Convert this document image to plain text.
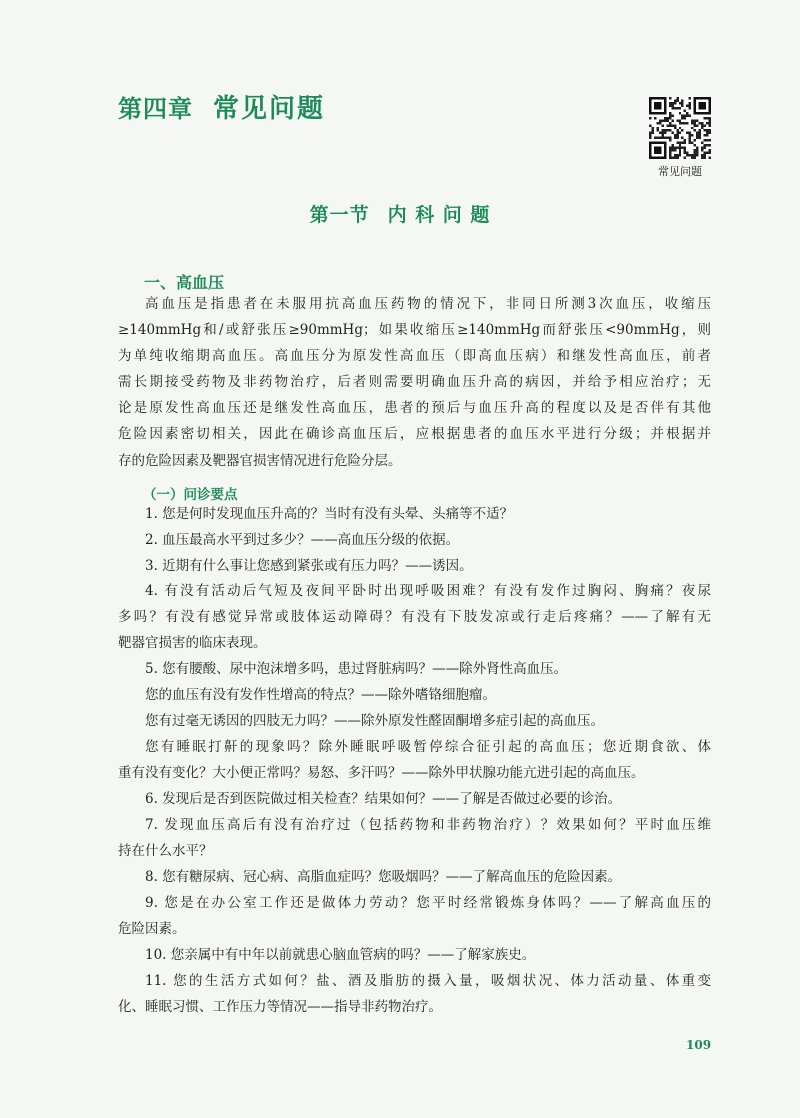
第四章 常见问题
常见问题
第一节 内 科 问 题
一、高血压
高血压是指患者在未服用抗高血压药物的情况下，非同日所测3次血压，收缩压
≥140mmHg和/或舒张压≥90mmHg；如果收缩压≥140mmHg而舒张压<90mmHg，则
为单纯收缩期高血压。高血压分为原发性高血压（即高血压病）和继发性高血压，前者
需长期接受药物及非药物治疗，后者则需要明确血压升高的病因，并给予相应治疗；无
论是原发性高血压还是继发性高血压，患者的预后与血压升高的程度以及是否伴有其他
危险因素密切相关，因此在确诊高血压后，应根据患者的血压水平进行分级；并根据并
存的危险因素及靶器官损害情况进行危险分层。
（一）问诊要点
1. 您是何时发现血压升高的？当时有没有头晕、头痛等不适？
2. 血压最高水平到过多少？——高血压分级的依据。
3. 近期有什么事让您感到紧张或有压力吗？——诱因。
4. 有没有活动后气短及夜间平卧时出现呼吸困难？有没有发作过胸闷、胸痛？夜尿
多吗？有没有感觉异常或肢体运动障碍？有没有下肢发凉或行走后疼痛？——了解有无
靶器官损害的临床表现。
5. 您有腰酸、尿中泡沫增多吗，患过肾脏病吗？——除外肾性高血压。
您的血压有没有发作性增高的特点？——除外嗜铬细胞瘤。
您有过毫无诱因的四肢无力吗？——除外原发性醛固酮增多症引起的高血压。
您有睡眠打鼾的现象吗？除外睡眠呼吸暂停综合征引起的高血压；您近期食欲、体
重有没有变化？大小便正常吗？易怒、多汗吗？——除外甲状腺功能亢进引起的高血压。
6. 发现后是否到医院做过相关检查？结果如何？——了解是否做过必要的诊治。
7. 发现血压高后有没有治疗过（包括药物和非药物治疗）？效果如何？平时血压维
持在什么水平？
8. 您有糖尿病、冠心病、高脂血症吗？您吸烟吗？——了解高血压的危险因素。
9. 您是在办公室工作还是做体力劳动？您平时经常锻炼身体吗？——了解高血压的
危险因素。
10. 您亲属中有中年以前就患心脑血管病的吗？——了解家族史。
11. 您的生活方式如何？盐、酒及脂肪的摄入量，吸烟状况、体力活动量、体重变
化、睡眠习惯、工作压力等情况——指导非药物治疗。
109
